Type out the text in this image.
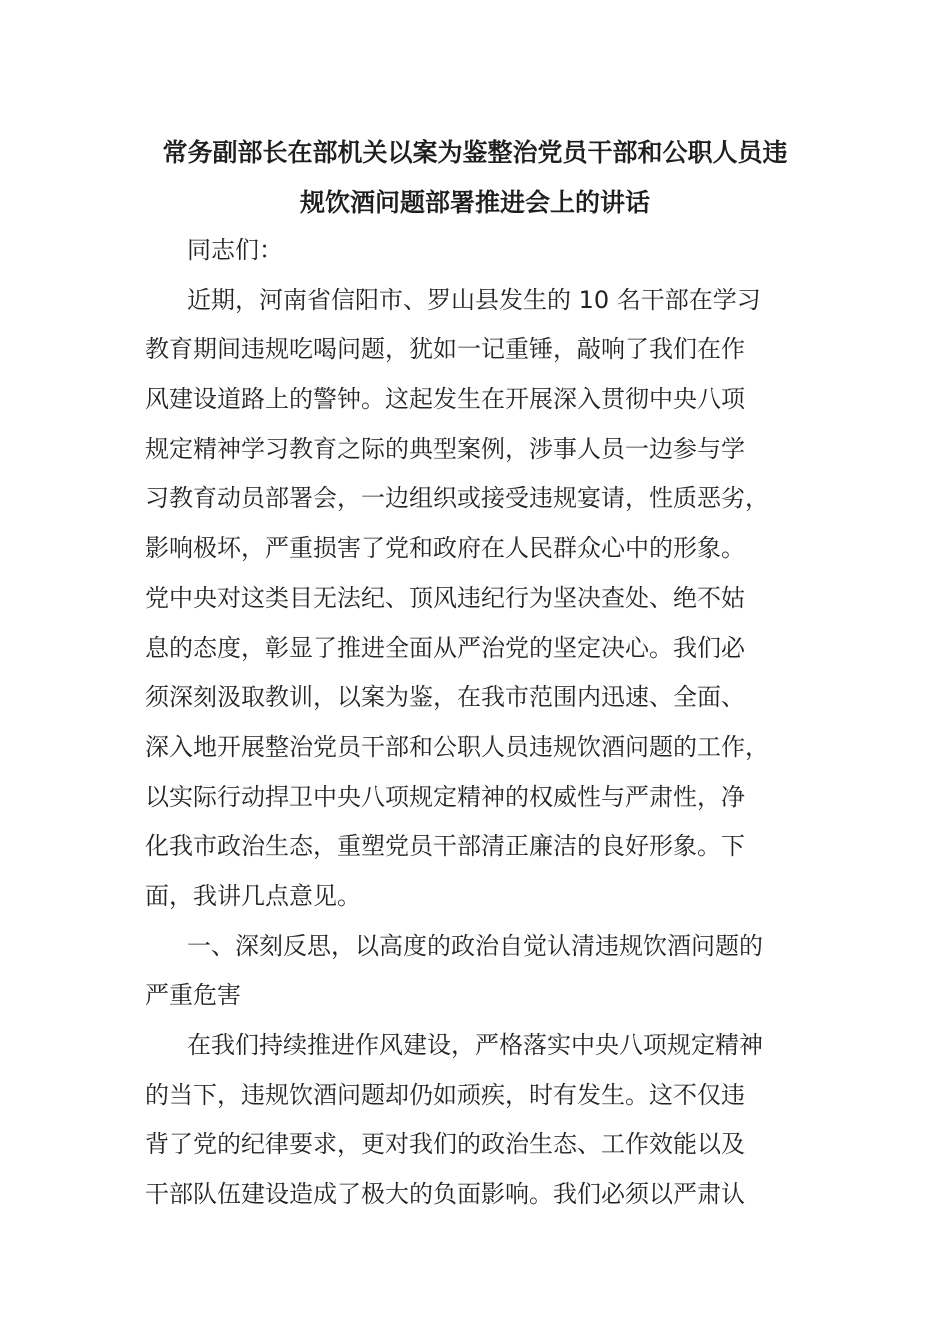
常务副部长在部机关以案为鉴整治党员干部和公职人员违
规饮酒问题部署推进会上的讲话
同志们：
近期，河南省信阳市、罗山县发生的 10 名干部在学习
教育期间违规吃喝问题，犹如一记重锤，敲响了我们在作
风建设道路上的警钟。这起发生在开展深入贯彻中央八项
规定精神学习教育之际的典型案例，涉事人员一边参与学
习教育动员部署会，一边组织或接受违规宴请，性质恶劣，
影响极坏，严重损害了党和政府在人民群众心中的形象。
党中央对这类目无法纪、顶风违纪行为坚决查处、绝不姑
息的态度，彰显了推进全面从严治党的坚定决心。我们必
须深刻汲取教训，以案为鉴，在我市范围内迅速、全面、
深入地开展整治党员干部和公职人员违规饮酒问题的工作，
以实际行动捍卫中央八项规定精神的权威性与严肃性，净
化我市政治生态，重塑党员干部清正廉洁的良好形象。下
面，我讲几点意见。
一、深刻反思，以高度的政治自觉认清违规饮酒问题的
严重危害
在我们持续推进作风建设，严格落实中央八项规定精神
的当下，违规饮酒问题却仍如顽疾，时有发生。这不仅违
背了党的纪律要求，更对我们的政治生态、工作效能以及
干部队伍建设造成了极大的负面影响。我们必须以严肃认
